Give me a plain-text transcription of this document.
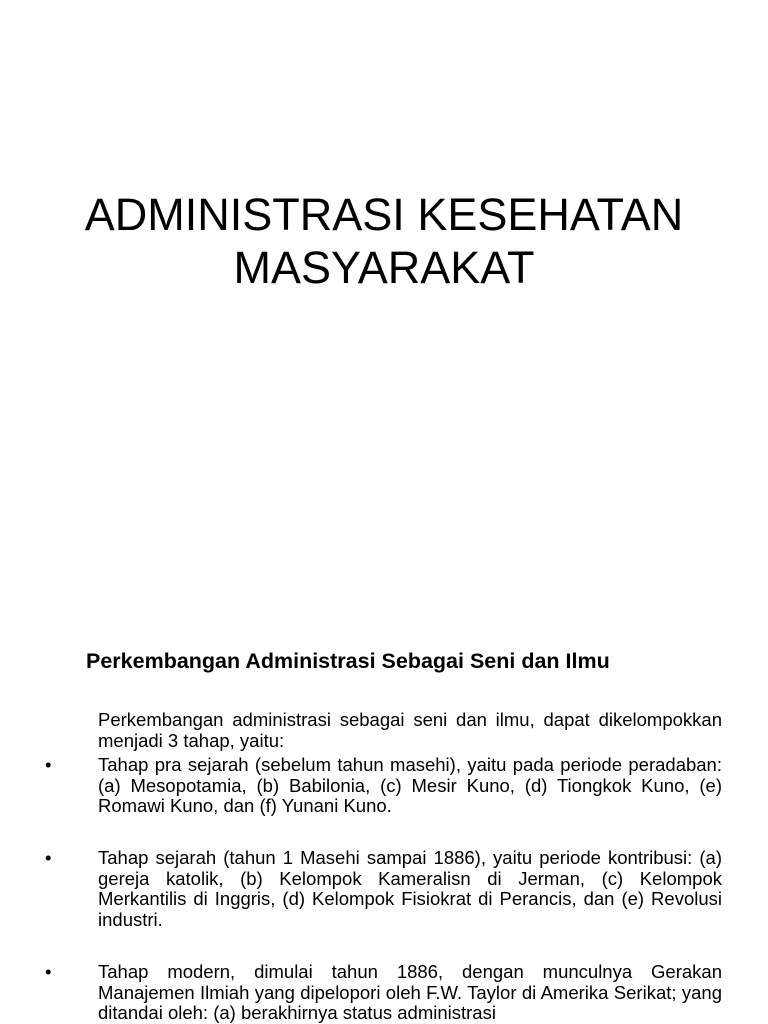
ADMINISTRASI KESEHATAN
MASYARAKAT
Perkembangan Administrasi Sebagai Seni dan Ilmu

Perkembangan administrasi sebagai seni dan ilmu, dapat dikelompokkan menjadi 3 tahap, yaitu:

•	Tahap pra sejarah (sebelum tahun masehi), yaitu pada periode peradaban: (a) Mesopotamia, (b) Babilonia, (c) Mesir Kuno, (d) Tiongkok Kuno, (e) Romawi Kuno, dan (f) Yunani Kuno.

•	Tahap sejarah (tahun 1 Masehi sampai 1886), yaitu periode kontribusi: (a) gereja katolik, (b) Kelompok Kameralisn di Jerman, (c) Kelompok Merkantilis di Inggris, (d) Kelompok Fisiokrat di Perancis, dan (e) Revolusi industri.

•	Tahap modern, dimulai tahun 1886, dengan munculnya Gerakan Manajemen Ilmiah yang dipelopori oleh F.W. Taylor di Amerika Serikat; yang ditandai oleh: (a) berakhirnya status administrasi
